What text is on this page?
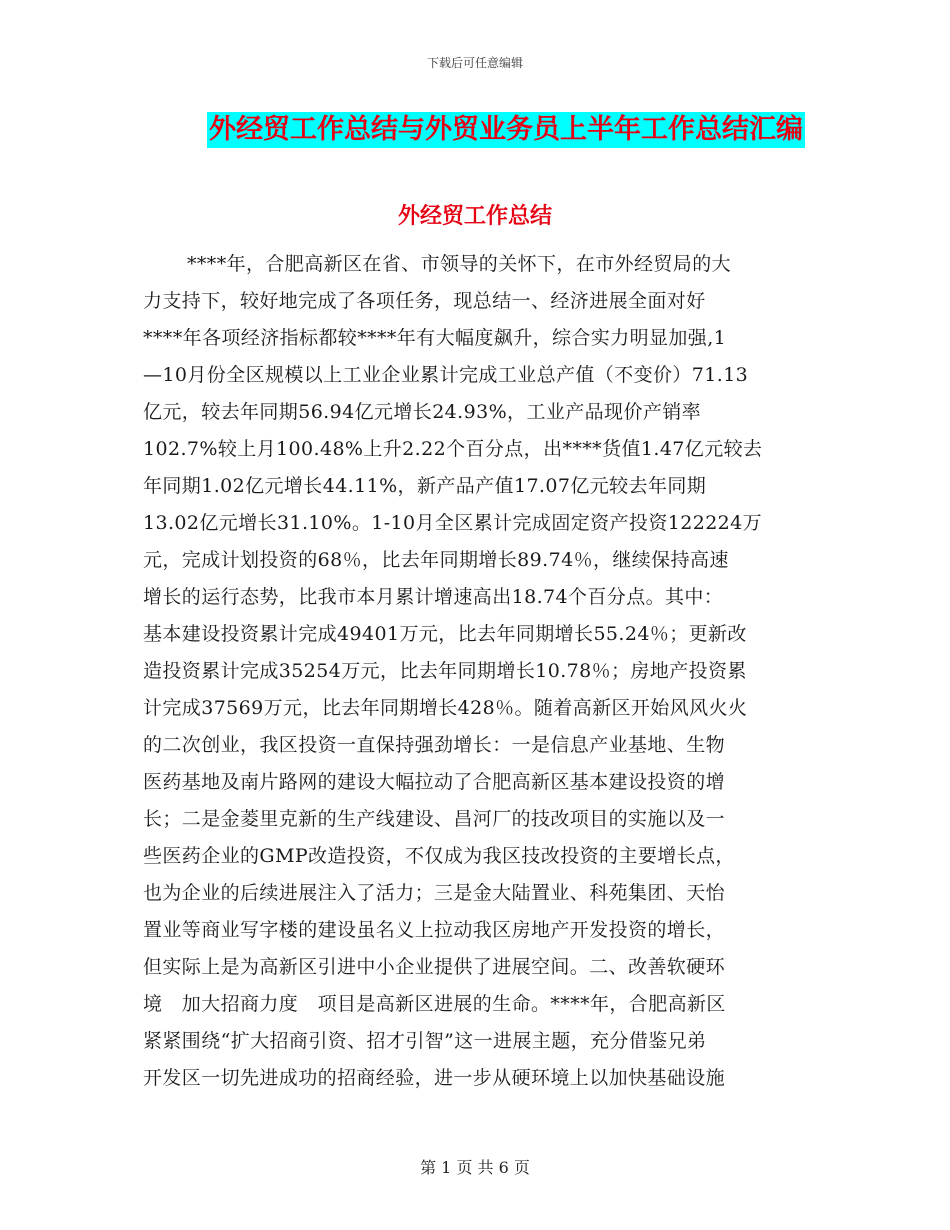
下载后可任意编辑
外经贸工作总结与外贸业务员上半年工作总结汇编
外经贸工作总结
****年，合肥高新区在省、市领导的关怀下，在市外经贸局的大
力支持下，较好地完成了各项任务，现总结一、经济进展全面对好
****年各项经济指标都较****年有大幅度飙升，综合实力明显加强,1
—10月份全区规模以上工业企业累计完成工业总产值（不变价）71.13
亿元，较去年同期56.94亿元增长24.93%，工业产品现价产销率
102.7%较上月100.48%上升2.22个百分点，出****货值1.47亿元较去
年同期1.02亿元增长44.11%，新产品产值17.07亿元较去年同期
13.02亿元增长31.10%。1-10月全区累计完成固定资产投资122224万
元，完成计划投资的68％，比去年同期增长89.74％，继续保持高速
增长的运行态势，比我市本月累计增速高出18.74个百分点。其中：
基本建设投资累计完成49401万元，比去年同期增长55.24％；更新改
造投资累计完成35254万元，比去年同期增长10.78％；房地产投资累
计完成37569万元，比去年同期增长428％。随着高新区开始风风火火
的二次创业，我区投资一直保持强劲增长：一是信息产业基地、生物
医药基地及南片路网的建设大幅拉动了合肥高新区基本建设投资的增
长；二是金菱里克新的生产线建设、昌河厂的技改项目的实施以及一
些医药企业的GMP改造投资，不仅成为我区技改投资的主要增长点，
也为企业的后续进展注入了活力；三是金大陆置业、科苑集团、天怡
置业等商业写字楼的建设虽名义上拉动我区房地产开发投资的增长，
但实际上是为高新区引进中小企业提供了进展空间。二、改善软硬环
境　加大招商力度　项目是高新区进展的生命。****年，合肥高新区
紧紧围绕“扩大招商引资、招才引智”这一进展主题，充分借鉴兄弟
开发区一切先进成功的招商经验，进一步从硬环境上以加快基础设施
第 1 页 共 6 页
